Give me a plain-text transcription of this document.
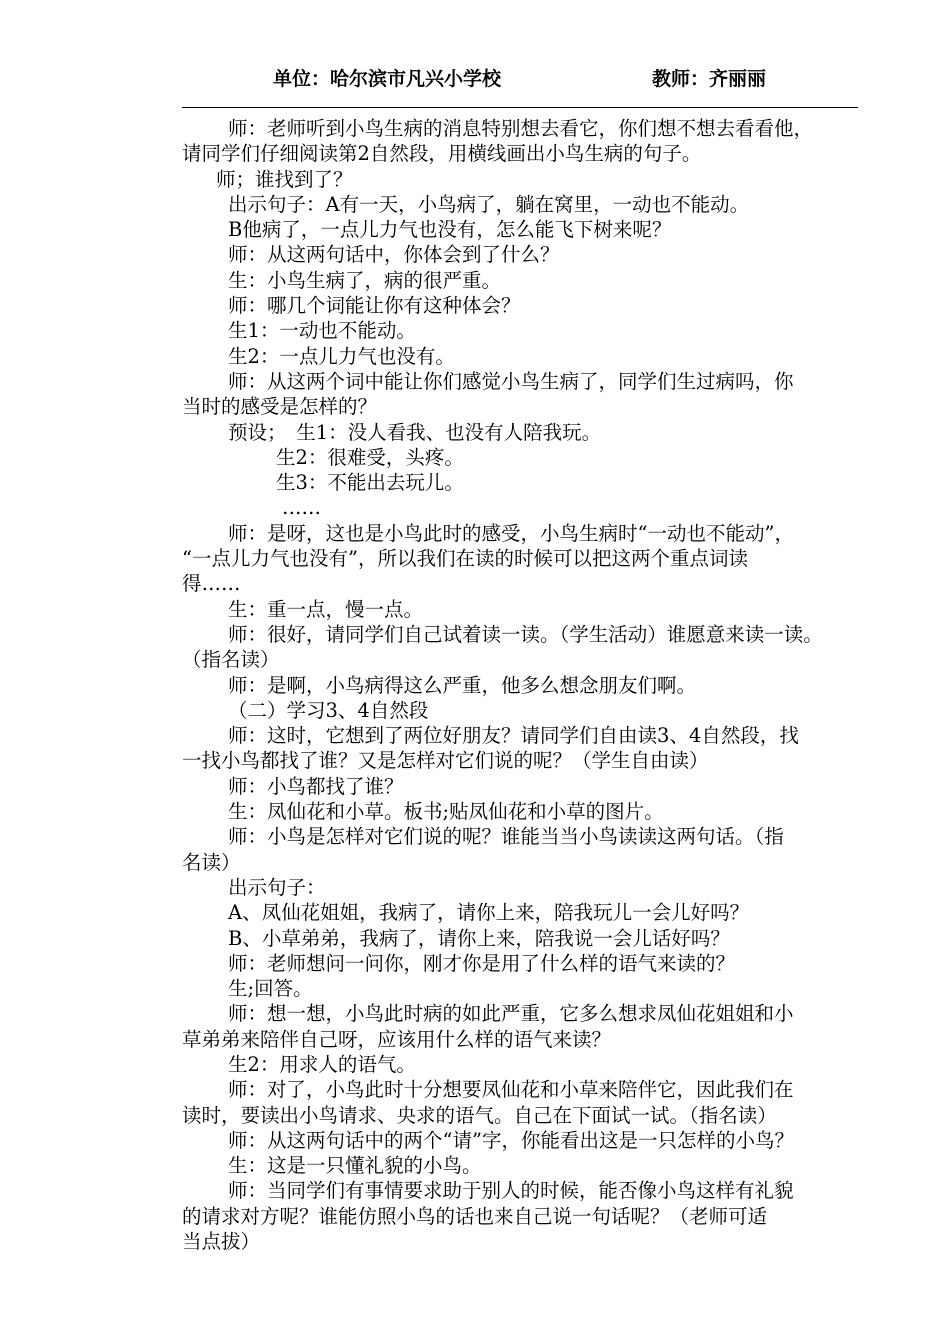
单位：哈尔滨市凡兴小学校	教师：齐丽丽
师：老师听到小鸟生病的消息特别想去看它，你们想不想去看看他，
请同学们仔细阅读第2自然段，用横线画出小鸟生病的句子。
师；谁找到了？
出示句子：A有一天，小鸟病了，躺在窝里，一动也不能动。
B他病了，一点儿力气也没有，怎么能飞下树来呢？
师：从这两句话中，你体会到了什么？
生：小鸟生病了，病的很严重。
师：哪几个词能让你有这种体会？
生1：一动也不能动。
生2：一点儿力气也没有。
师：从这两个词中能让你们感觉小鸟生病了，同学们生过病吗，你
当时的感受是怎样的？
预设；　生1：没人看我、也没有人陪我玩。
生2：很难受，头疼。
生3：不能出去玩儿。
……
师：是呀，这也是小鸟此时的感受，小鸟生病时“一动也不能动”，
“一点儿力气也没有”，所以我们在读的时候可以把这两个重点词读
得……
生：重一点，慢一点。
师：很好，请同学们自己试着读一读。（学生活动）谁愿意来读一读。
（指名读）
师：是啊，小鸟病得这么严重，他多么想念朋友们啊。
（二）学习3、4自然段
师：这时，它想到了两位好朋友？请同学们自由读3、4自然段，找
一找小鸟都找了谁？又是怎样对它们说的呢？（学生自由读）
师：小鸟都找了谁？
生：凤仙花和小草。板书;贴凤仙花和小草的图片。
师：小鸟是怎样对它们说的呢？谁能当当小鸟读读这两句话。（指
名读）
出示句子：
A、凤仙花姐姐，我病了，请你上来，陪我玩儿一会儿好吗？
B、小草弟弟，我病了，请你上来，陪我说一会儿话好吗？
师：老师想问一问你，刚才你是用了什么样的语气来读的？
生;回答。
师：想一想，小鸟此时病的如此严重，它多么想求凤仙花姐姐和小
草弟弟来陪伴自己呀，应该用什么样的语气来读？
生2：用求人的语气。
师：对了，小鸟此时十分想要凤仙花和小草来陪伴它，因此我们在
读时，要读出小鸟请求、央求的语气。自己在下面试一试。（指名读）
师：从这两句话中的两个“请”字，你能看出这是一只怎样的小鸟？
生：这是一只懂礼貌的小鸟。
师：当同学们有事情要求助于别人的时候，能否像小鸟这样有礼貌
的请求对方呢？谁能仿照小鸟的话也来自己说一句话呢？（老师可适
当点拔）
